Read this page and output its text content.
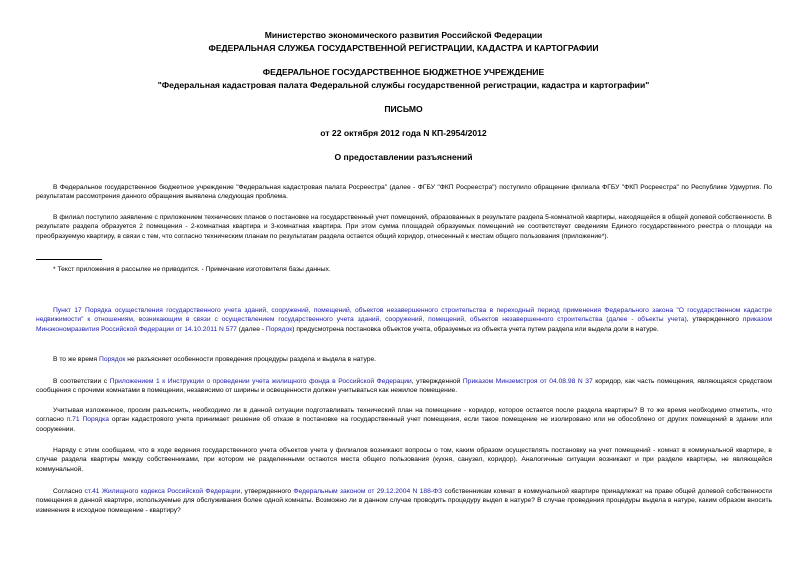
Министерство экономического развития Российской Федерации
ФЕДЕРАЛЬНАЯ СЛУЖБА ГОСУДАРСТВЕННОЙ РЕГИСТРАЦИИ, КАДАСТРА И КАРТОГРАФИИ
ФЕДЕРАЛЬНОЕ ГОСУДАРСТВЕННОЕ БЮДЖЕТНОЕ УЧРЕЖДЕНИЕ
"Федеральная кадастровая палата Федеральной службы государственной регистрации, кадастра и картографии"
ПИСЬМО
от 22 октября 2012 года N КП-2954/2012
О предоставлении разъяснений
В Федеральное государственное бюджетное учреждение "Федеральная кадастровая палата Росреестра" (далее - ФГБУ "ФКП Росреестра") поступило обращение филиала ФГБУ "ФКП Росреестра" по Республике Удмуртия. По результатам рассмотрения данного обращения выявлена следующая проблема.
В филиал поступило заявление с приложением технических планов о постановке на государственный учет помещений, образованных в результате раздела 5-комнатной квартиры, находящейся в общей долевой собственности. В результате раздела образуется 2 помещения - 2-комнатная квартира и 3-комнатная квартира. При этом сумма площадей образуемых помещений не соответствует сведениям Единого государственного реестра о площади на преобразуемую квартиру, в связи с тем, что согласно техническим планам по результатам раздела остается общий коридор, отнесенный к местам общего пользования (приложение*).
* Текст приложения в рассылке не приводится. - Примечание изготовителя базы данных.
Пункт 17 Порядка осуществления государственного учета зданий, сооружений, помещений, объектов незавершенного строительства в переходный период применения Федерального закона "О государственном кадастре недвижимости" к отношениям, возникающим в связи с осуществлением государственного учета зданий, сооружений, помещений, объектов незавершенного строительства (далее - объекты учета), утвержденного приказом Минэкономразвития Российской Федерации от 14.10.2011 N 577 (далее - Порядок) предусмотрена постановка объектов учета, образуемых из объекта учета путем раздела или выдела доли в натуре.
В то же время Порядок не разъясняет особенности проведения процедуры раздела и выдела в натуре.
В соответствии с Приложением 1 к Инструкции о проведении учета жилищного фонда в Российской Федерации, утвержденной Приказом Минземстроя от 04.08.98 N 37 коридор, как часть помещения, являющаяся средством сообщения с прочими комнатами в помещении, независимо от ширины и освещенности должен учитываться как нежилое помещение.
Учитывая изложенное, просим разъяснить, необходимо ли в данной ситуации подготавливать технический план на помещение - коридор, которое остается после раздела квартиры? В то же время необходимо отметить, что согласно п.71 Порядка орган кадастрового учета принимает решение об отказе в постановке на государственный учет помещения, если такое помещение не изолировано или не обособлено от других помещений в здании или сооружении.
Наряду с этим сообщаем, что в ходе ведения государственного учета объектов учета у филиалов возникают вопросы о том, каким образом осуществлять постановку на учет помещений - комнат в коммунальной квартире, в случае раздела квартиры между собственниками, при котором не разделенными остаются места общего пользования (кухня, санузел, коридор). Аналогичные ситуации возникают и при разделе квартиры, не являющейся коммунальной.
Согласно ст.41 Жилищного кодекса Российской Федерации, утвержденного Федеральным законом от 29.12.2004 N 188-ФЗ собственникам комнат в коммунальной квартире принадлежат на праве общей долевой собственности помещения в данной квартире, используемые для обслуживания более одной комнаты. Возможно ли в данном случае проводить процедуру выдел в натуре? В случае проведения процедуры выдела в натуре, каким образом вносить изменения в исходное помещение - квартиру?
